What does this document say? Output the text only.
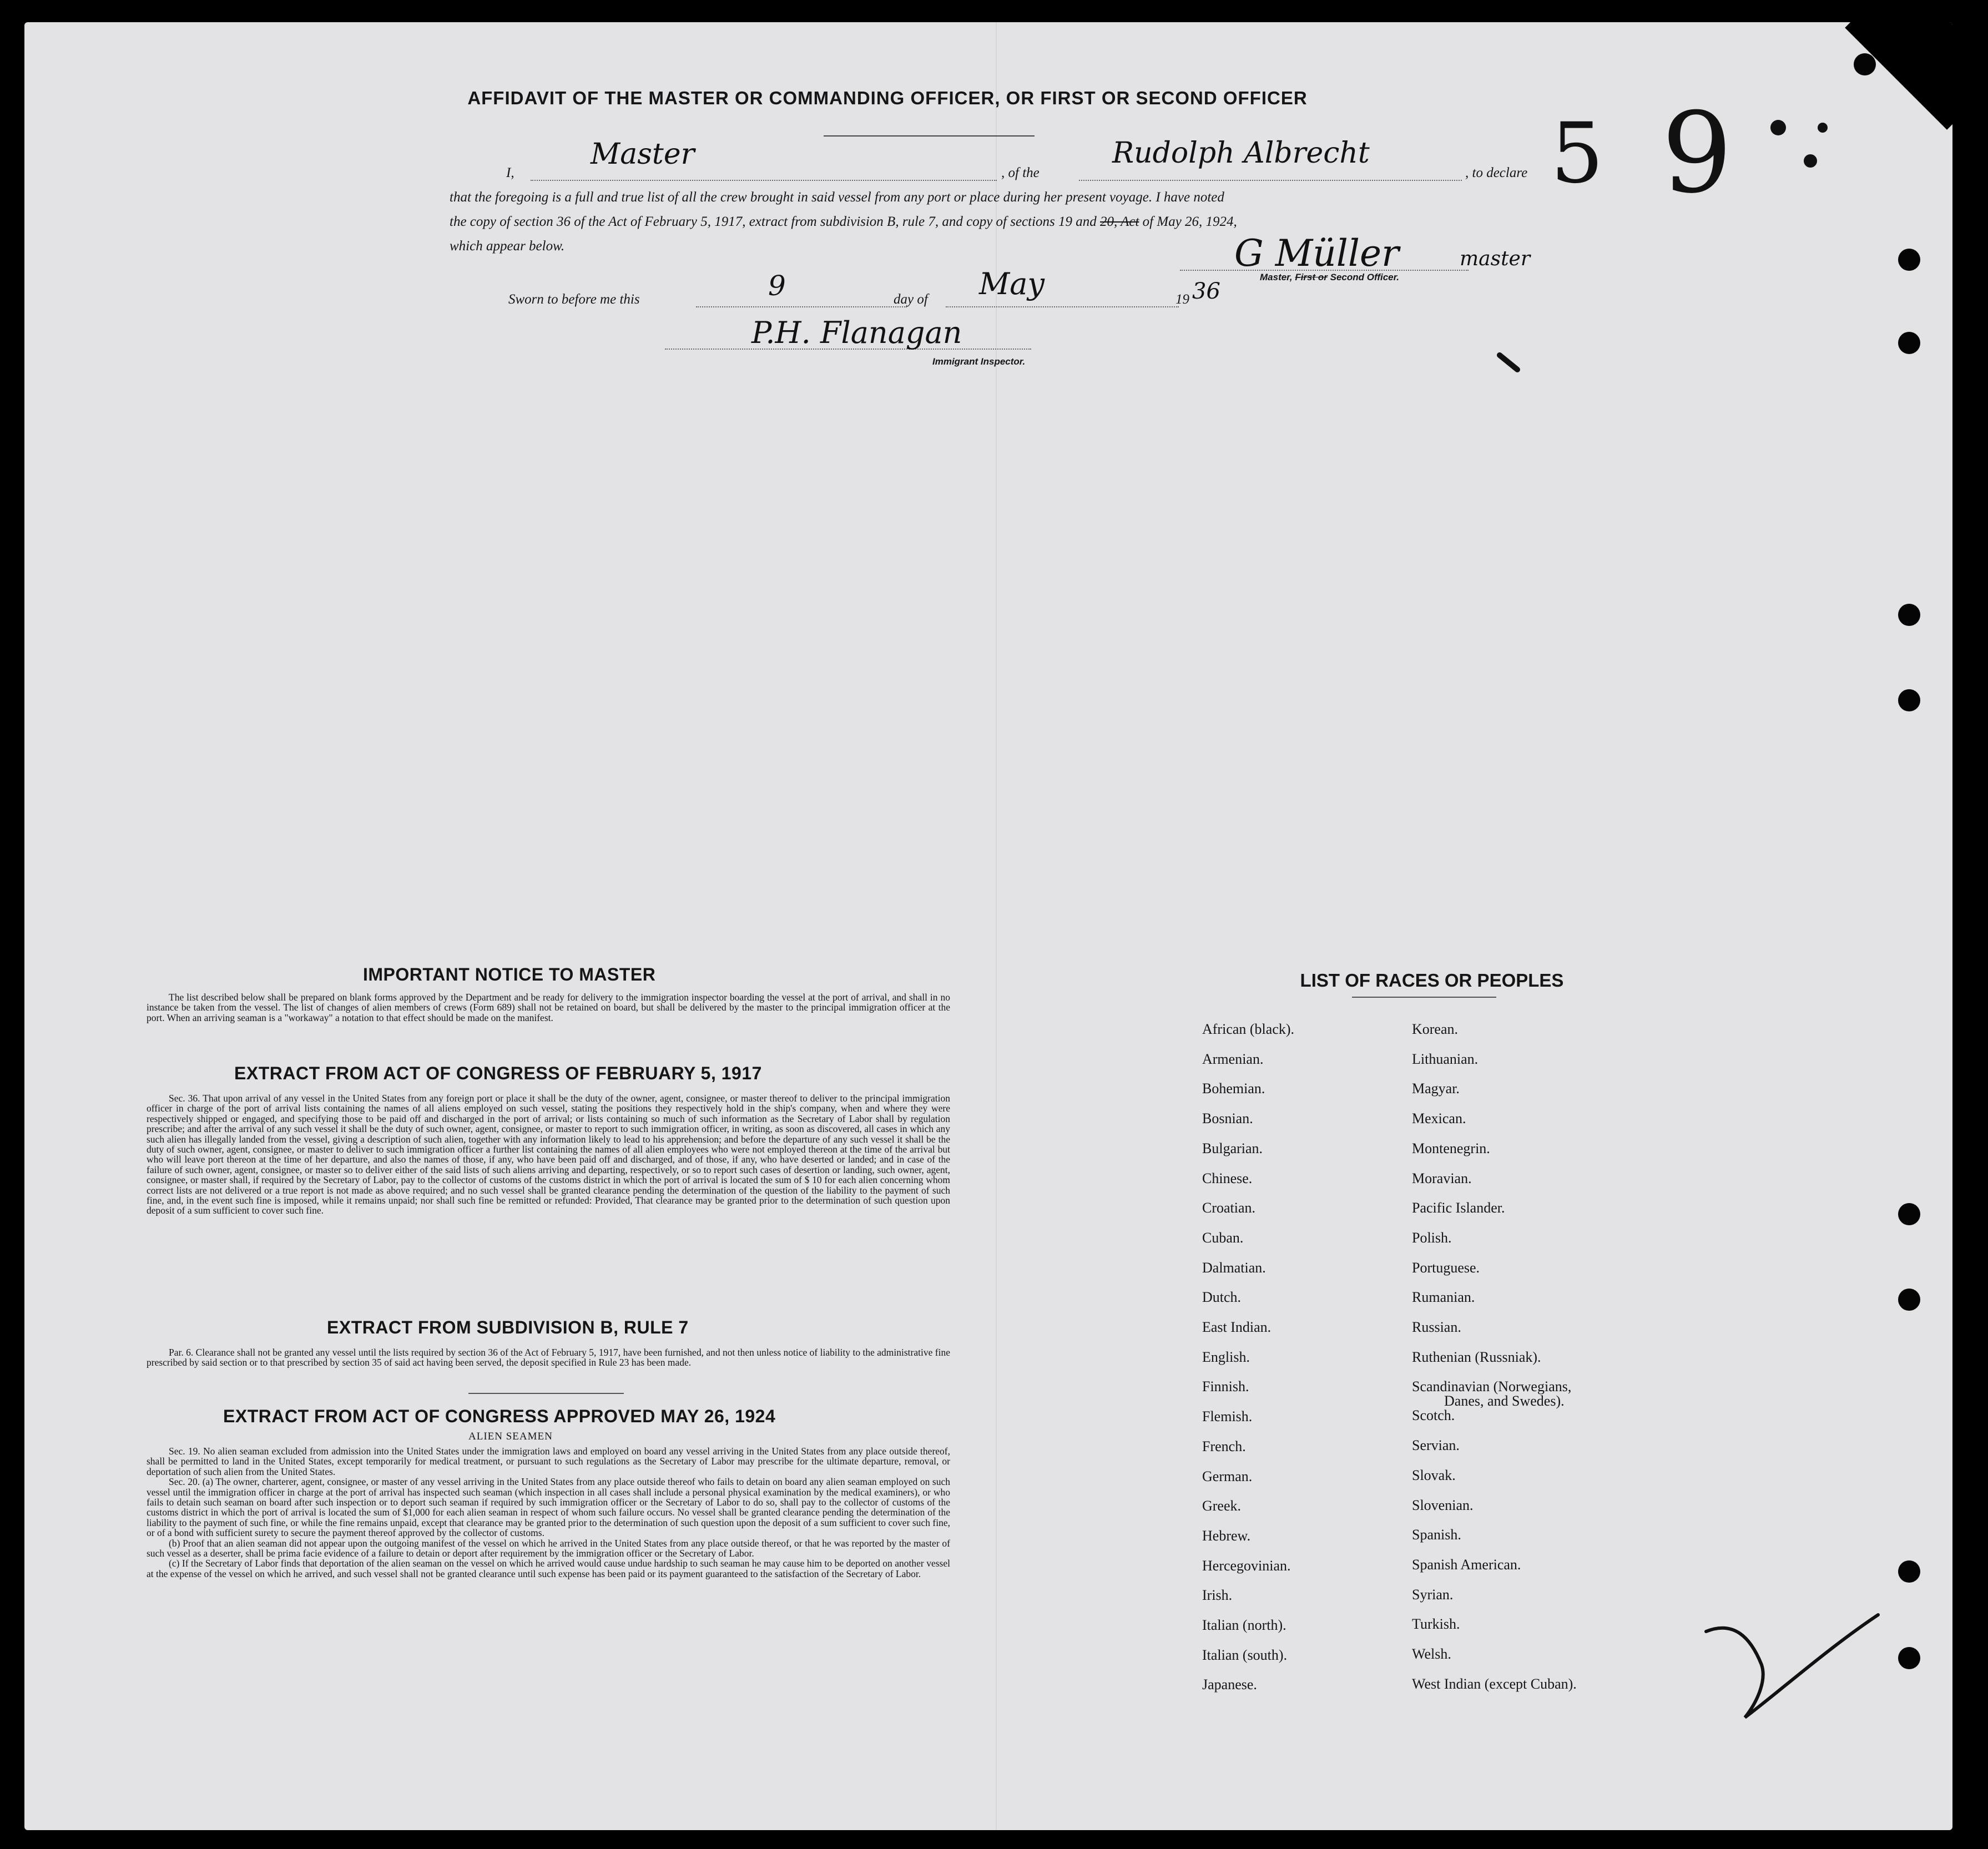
AFFIDAVIT OF THE MASTER OR COMMANDING OFFICER, OR FIRST OR SECOND OFFICER
I,
Master
, of the
Rudolph Albrecht
, to declare
that the foregoing is a full and true list of all the crew brought in said vessel from any port or place during her present voyage. I have noted
the copy of section 36 of the Act of February 5, 1917, extract from subdivision B, rule 7, and copy of sections 19 and 20, Act of May 26, 1924,
which appear below.	G Müller	master
Master, First or Second Officer.
Sworn to before me this	9	day of May	19 36
P.H. Flanagan
Immigrant Inspector.
5 9
IMPORTANT NOTICE TO MASTER

The list described below shall be prepared on blank forms approved by the Department and be ready for delivery to the immigration inspector boarding the vessel at the port of arrival, and shall in no instance be taken from the vessel. The list of changes of alien members of crews (Form 689) shall not be retained on board, but shall be delivered by the master to the principal immigration officer at the port. When an arriving seaman is a "workaway" a notation to that effect should be made on the manifest.

EXTRACT FROM ACT OF CONGRESS OF FEBRUARY 5, 1917

Sec. 36. That upon arrival of any vessel in the United States from any foreign port or place it shall be the duty of the owner, agent, consignee, or master thereof to deliver to the principal immigration officer in charge of the port of arrival lists containing the names of all aliens employed on such vessel, stating the positions they respectively hold in the ship's company, when and where they were respectively shipped or engaged, and specifying those to be paid off and discharged in the port of arrival; or lists containing so much of such information as the Secretary of Labor shall by regulation prescribe; and after the arrival of any such vessel it shall be the duty of such owner, agent, consignee, or master to report to such immigration officer, in writing, as soon as discovered, all cases in which any such alien has illegally landed from the vessel, giving a description of such alien, together with any information likely to lead to his apprehension; and before the departure of any such vessel it shall be the duty of such owner, agent, consignee, or master to deliver to such immigration officer a further list containing the names of all alien employees who were not employed thereon at the time of the arrival but who will leave port thereon at the time of her departure, and also the names of those, if any, who have been paid off and discharged, and of those, if any, who have deserted or landed; and in case of the failure of such owner, agent, consignee, or master so to deliver either of the said lists of such aliens arriving and departing, respectively, or so to report such cases of desertion or landing, such owner, agent, consignee, or master shall, if required by the Secretary of Labor, pay to the collector of customs of the customs district in which the port of arrival is located the sum of $ 10 for each alien concerning whom correct lists are not delivered or a true report is not made as above required; and no such vessel shall be granted clearance pending the determination of the question of the liability to the payment of such fine, and, in the event such fine is imposed, while it remains unpaid; nor shall such fine be remitted or refunded: Provided, That clearance may be granted prior to the determination of such question upon deposit of a sum sufficient to cover such fine.

EXTRACT FROM SUBDIVISION B, RULE 7

Par. 6. Clearance shall not be granted any vessel until the lists required by section 36 of the Act of February 5, 1917, have been furnished, and not then unless notice of liability to the administrative fine prescribed by said section or to that prescribed by section 35 of said act having been served, the deposit specified in Rule 23 has been made.

EXTRACT FROM ACT OF CONGRESS APPROVED MAY 26, 1924
ALIEN SEAMEN

Sec. 19. No alien seaman excluded from admission into the United States under the immigration laws and employed on board any vessel arriving in the United States from any place outside thereof, shall be permitted to land in the United States, except temporarily for medical treatment, or pursuant to such regulations as the Secretary of Labor may prescribe for the ultimate departure, removal, or deportation of such alien from the United States.

Sec. 20. (a) The owner, charterer, agent, consignee, or master of any vessel arriving in the United States from any place outside thereof who fails to detain on board any alien seaman employed on such vessel until the immigration officer in charge at the port of arrival has inspected such seaman (which inspection in all cases shall include a personal physical examination by the medical examiners), or who fails to detain such seaman on board after such inspection or to deport such seaman if required by such immigration officer or the Secretary of Labor to do so, shall pay to the collector of customs of the customs district in which the port of arrival is located the sum of $1,000 for each alien seaman in respect of whom such failure occurs. No vessel shall be granted clearance pending the determination of the liability to the payment of such fine, or while the fine remains unpaid, except that clearance may be granted prior to the determination of such question upon the deposit of a sum sufficient to cover such fine, or of a bond with sufficient surety to secure the payment thereof approved by the collector of customs.

(b) Proof that an alien seaman did not appear upon the outgoing manifest of the vessel on which he arrived in the United States from any place outside thereof, or that he was reported by the master of such vessel as a deserter, shall be prima facie evidence of a failure to detain or deport after requirement by the immigration officer or the Secretary of Labor.

(c) If the Secretary of Labor finds that deportation of the alien seaman on the vessel on which he arrived would cause undue hardship to such seaman he may cause him to be deported on another vessel at the expense of the vessel on which he arrived, and such vessel shall not be granted clearance until such expense has been paid or its payment guaranteed to the satisfaction of the Secretary of Labor.

LIST OF RACES OR PEOPLES
African (black).
Armenian.
Bohemian.
Bosnian.
Bulgarian.
Chinese.
Croatian.
Cuban.
Dalmatian.
Dutch.
East Indian.
English.
Finnish.
Flemish.
French.
German.
Greek.
Hebrew.
Hercegovinian.
Irish.
Italian (north).
Italian (south).
Japanese.
Korean.
Lithuanian.
Magyar.
Mexican.
Montenegrin.
Moravian.
Pacific Islander.
Polish.
Portuguese.
Rumanian.
Russian.
Ruthenian (Russniak).
Scandinavian (Norwegians,
Danes, and Swedes).
Scotch.
Servian.
Slovak.
Slovenian.
Spanish.
Spanish American.
Syrian.
Turkish.
Welsh.
West Indian (except Cuban).
